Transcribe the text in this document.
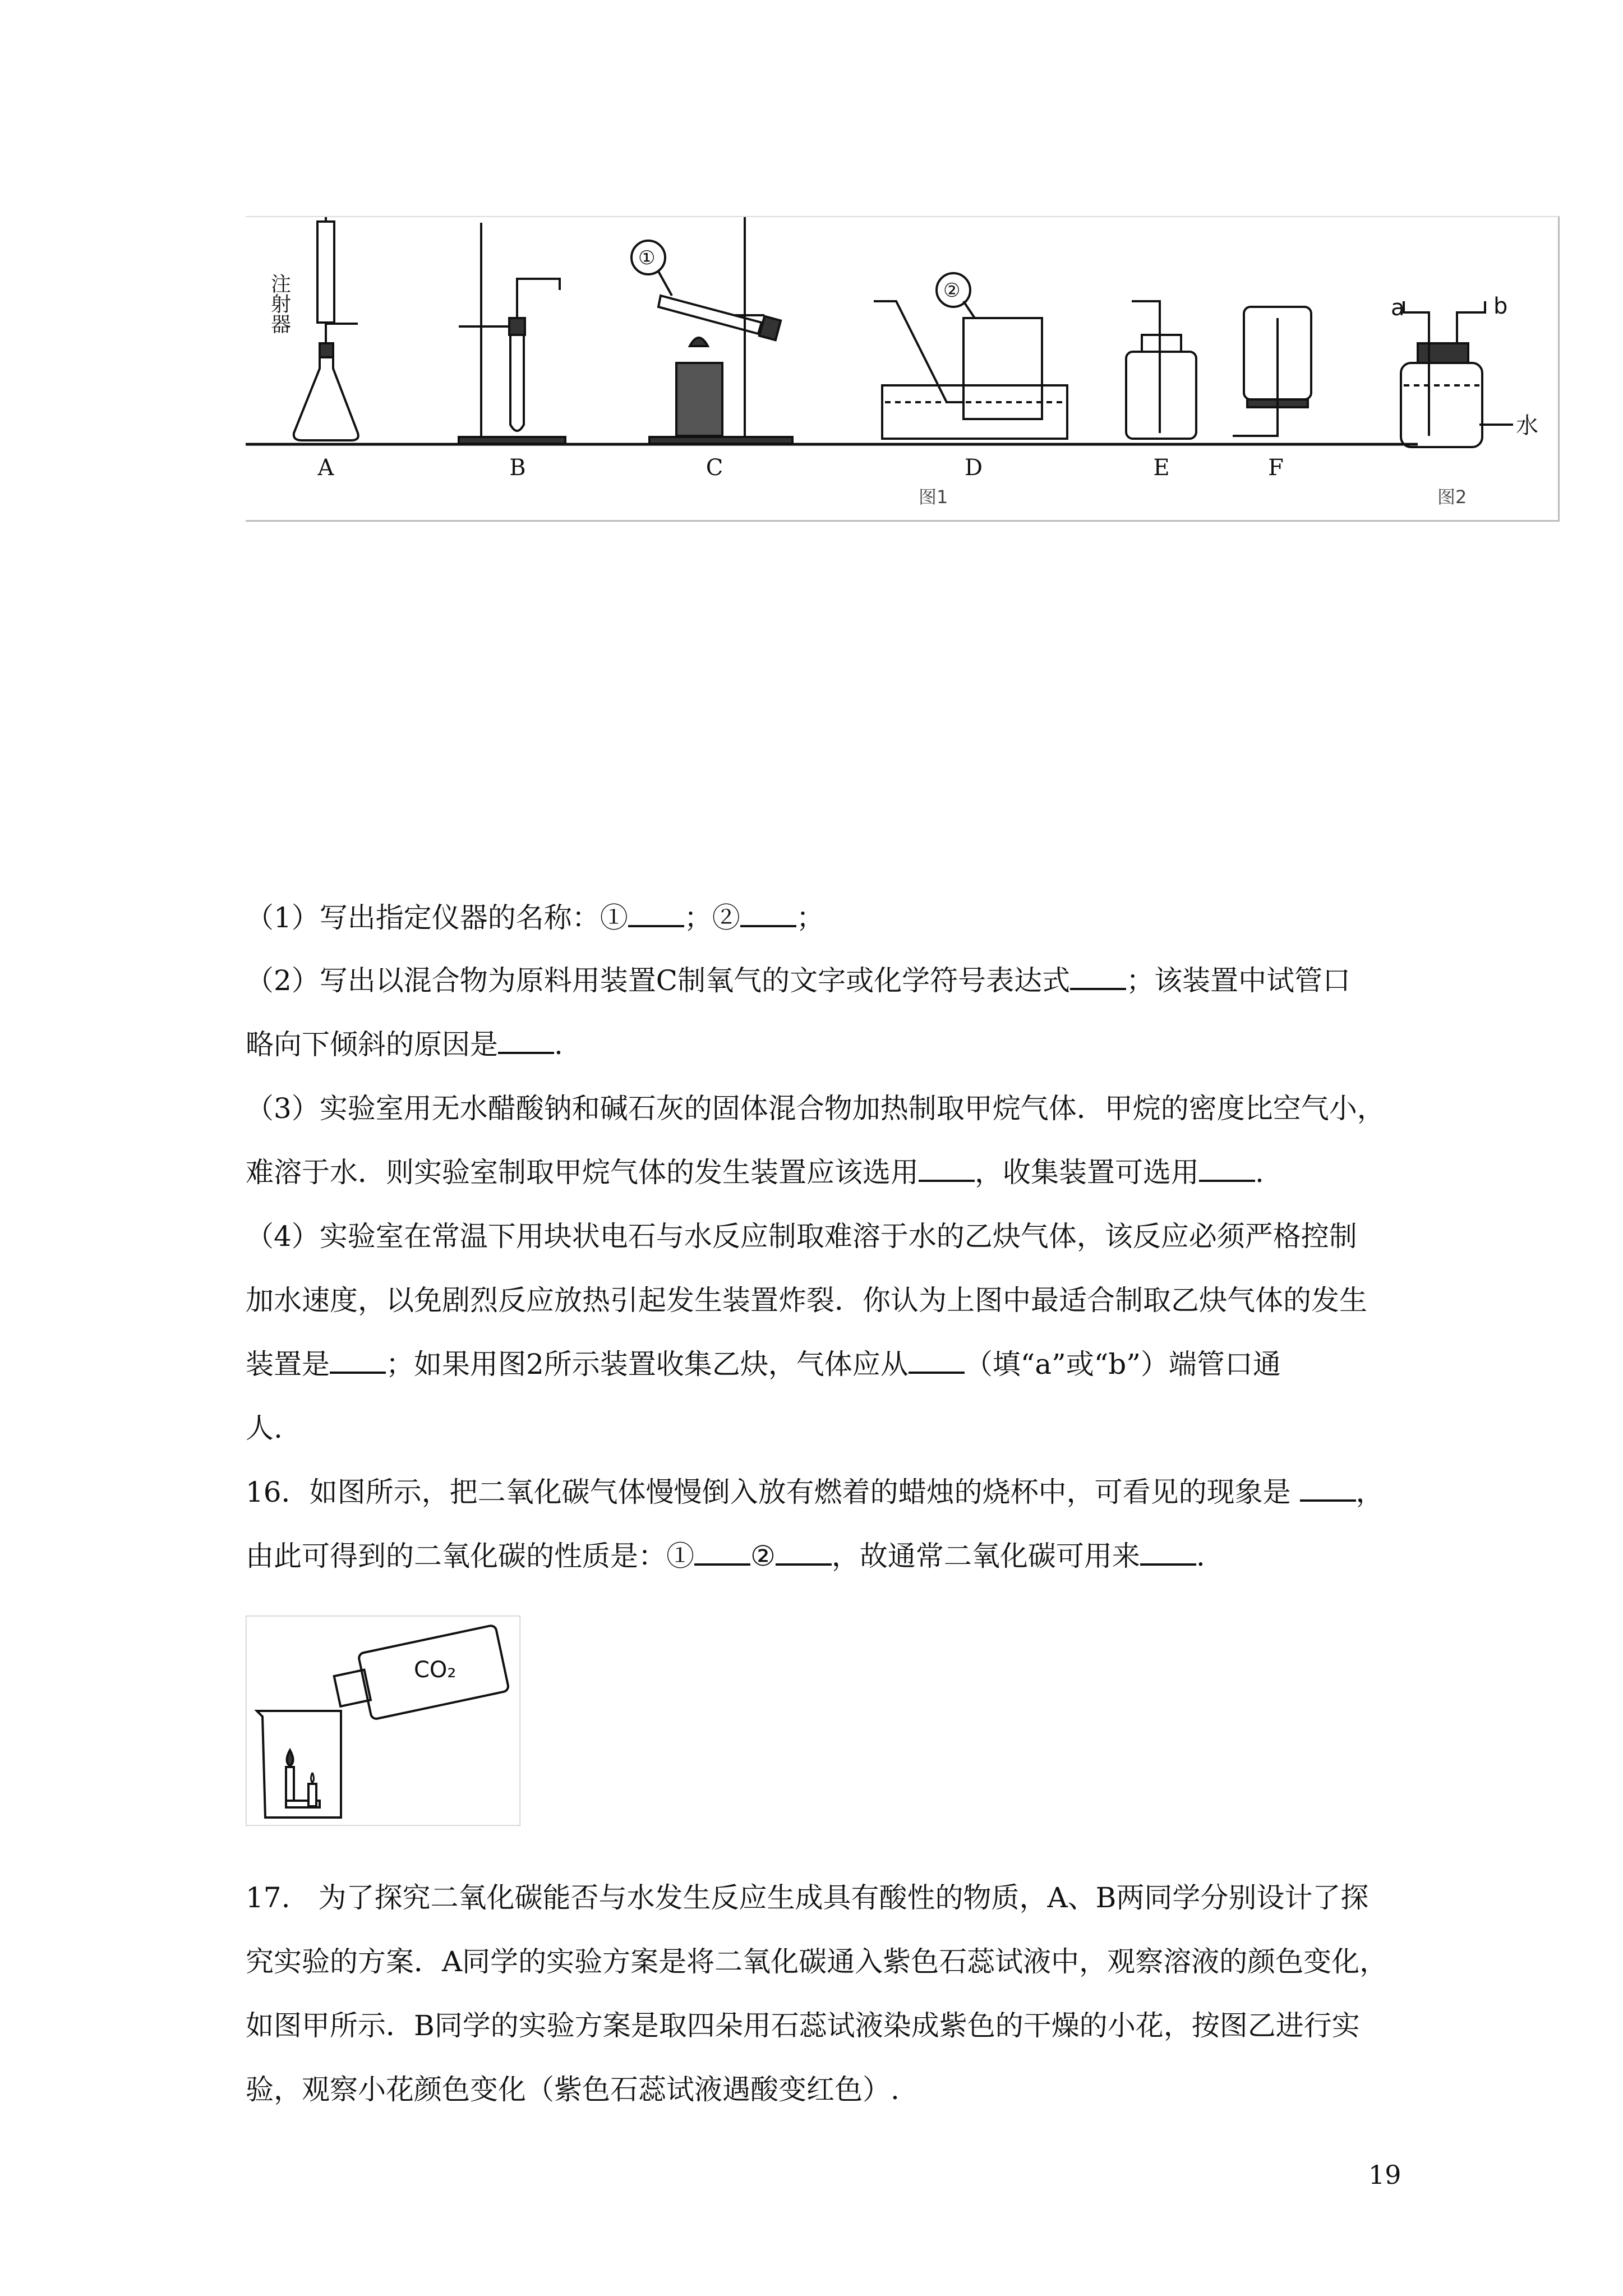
注射器
①
②
a	b
水
A	B	C	D	E	F
图1	图2
（1）写出指定仪器的名称：① ；② ；
（2）写出以混合物为原料用装置C制氧气的文字或化学符号表达式 ；该装置中试管口
略向下倾斜的原因是 .
（3）实验室用无水醋酸钠和碱石灰的固体混合物加热制取甲烷气体．甲烷的密度比空气小，
难溶于水．则实验室制取甲烷气体的发生装置应该选用 ，收集装置可选用 .
（4）实验室在常温下用块状电石与水反应制取难溶于水的乙炔气体，该反应必须严格控制
加水速度，以免剧烈反应放热引起发生装置炸裂．你认为上图中最适合制取乙炔气体的发生
装置是 ；如果用图2所示装置收集乙炔，气体应从 （填“a”或“b”）端管口通
人.
16．如图所示，把二氧化碳气体慢慢倒入放有燃着的蜡烛的烧杯中，可看见的现象是 ，
由此可得到的二氧化碳的性质是：① ② ，故通常二氧化碳可用来 .
CO₂
17.　为了探究二氧化碳能否与水发生反应生成具有酸性的物质，A、B两同学分别设计了探
究实验的方案．A同学的实验方案是将二氧化碳通入紫色石蕊试液中，观察溶液的颜色变化，
如图甲所示．B同学的实验方案是取四朵用石蕊试液染成紫色的干燥的小花，按图乙进行实
验，观察小花颜色变化（紫色石蕊试液遇酸变红色）.
19
